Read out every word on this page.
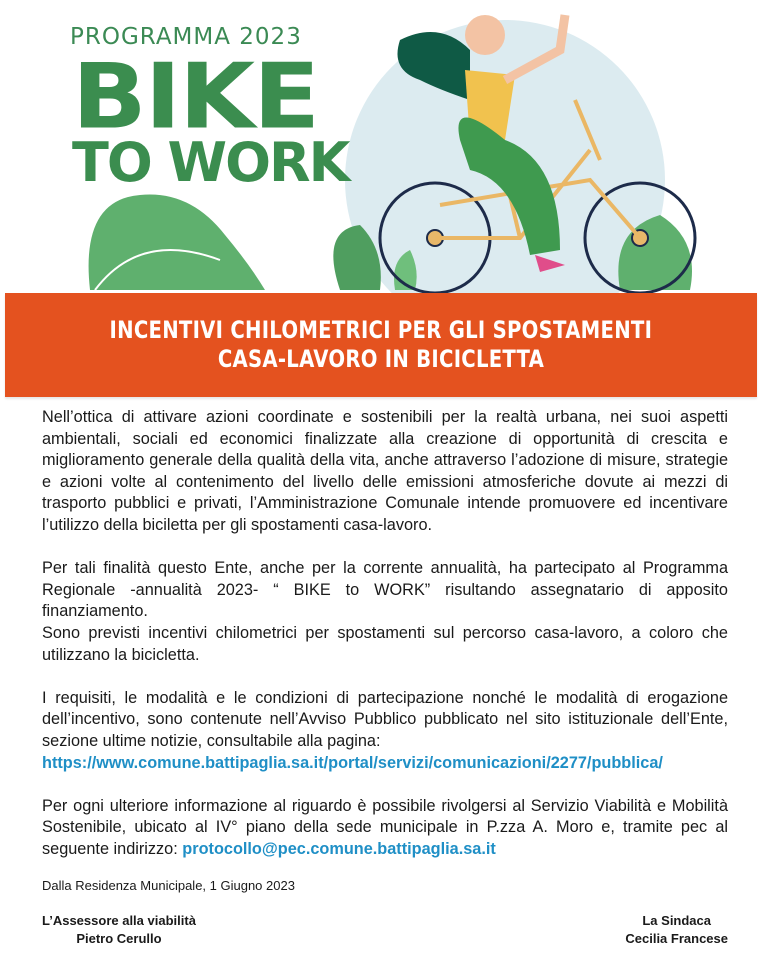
PROGRAMMA 2023
BIKE
TO WORK
INCENTIVI CHILOMETRICI PER GLI SPOSTAMENTI
CASA-LAVORO IN BICICLETTA

Nell’ottica di attivare azioni coordinate e sostenibili per la realtà urbana, nei suoi aspetti ambientali, sociali ed economici finalizzate alla creazione di opportunità di crescita e miglioramento generale della qualità della vita, anche attraverso l’adozione di misure, strategie e azioni volte al contenimento del livello delle emissioni atmosferiche dovute ai mezzi di trasporto pubblici e privati, l’Amministrazione Comunale intende promuovere ed incentivare l’utilizzo della biciletta per gli spostamenti casa-lavoro.

Per tali finalità questo Ente, anche per la corrente annualità, ha partecipato al Programma Regionale -annualità 2023- “ BIKE to WORK” risultando assegnatario di apposito finanziamento.
Sono previsti incentivi chilometrici per spostamenti sul percorso casa-lavoro, a coloro che utilizzano la bicicletta.

I requisiti, le modalità e le condizioni di partecipazione nonché le modalità di erogazione dell’incentivo, sono contenute nell’Avviso Pubblico pubblicato nel sito istituzionale dell’Ente, sezione ultime notizie, consultabile alla pagina:
https://www.comune.battipaglia.sa.it/portal/servizi/comunicazioni/2277/pubblica/

Per ogni ulteriore informazione al riguardo è possibile rivolgersi al Servizio Viabilità e Mobilità Sostenibile, ubicato al IV° piano della sede municipale in P.zza A. Moro e, tramite pec al seguente indirizzo: protocollo@pec.comune.battipaglia.sa.it

Dalla Residenza Municipale, 1 Giugno 2023
L’Assessore alla viabilità
Pietro Cerullo
La Sindaca
Cecilia Francese
